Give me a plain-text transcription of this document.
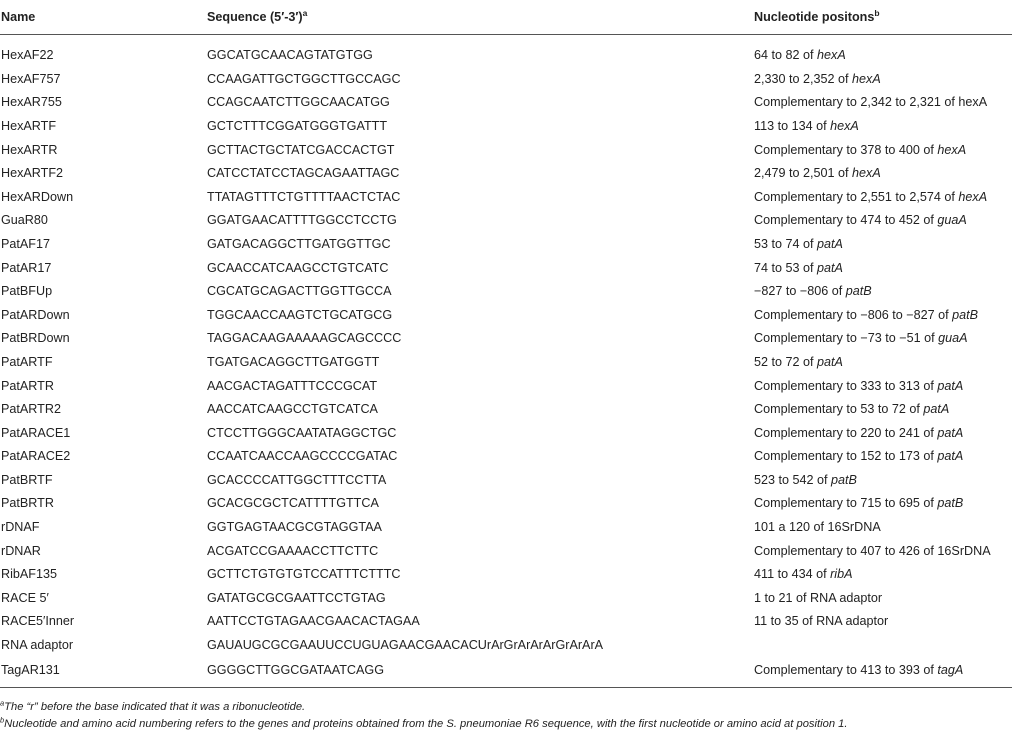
Name	Sequence $(5'-3')^a$	Nucleotide positons$^b$
HexAF22	GGCATGCAACAGTATGTGG	64 to 82 of hexA
HexAF757	CCAAGATTGCTGGCTTGCCAGC	2,330 to 2,352 of hexA
HexAR755	CCAGCAATCTTGGCAACATGG	Complementary to 2,342 to 2,321 of hexA
HexARTF	GCTCTTTCGGATGGGTGATTT	113 to 134 of hexA
HexARTR	GCTTACTGCTATCGACCACTGT	Complementary to 378 to 400 of hexA
HexARTF2	CATCCTATCCTAGCAGAATTAGC	2,479 to 2,501 of hexA
HexARDown	TTATAGTTTCTGTTTTAACTCTAC	Complementary to 2,551 to 2,574 of hexA
GuaR80	GGATGAACATTTTGGCCTCCTG	Complementary to 474 to 452 of guaA
PatAF17	GATGACAGGCTTGATGGTTGC	53 to 74 of patA
PatAR17	GCAACCATCAAGCCTGTCATC	74 to 53 of patA
PatBFUp	CGCATGCAGACTTGGTTGCCA	−827 to −806 of patB
PatARDown	TGGCAACCAAGTCTGCATGCG	Complementary to −806 to −827 of patB
PatBRDown	TAGGACAAGAAAAAGCAGCCCC	Complementary to −73 to −51 of guaA
PatARTF	TGATGACAGGCTTGATGGTT	52 to 72 of patA
PatARTR	AACGACTAGATTTCCCGCAT	Complementary to 333 to 313 of patA
PatARTR2	AACCATCAAGCCTGTCATCA	Complementary to 53 to 72 of patA
PatARACE1	CTCCTTGGGCAATATAGGCTGC	Complementary to 220 to 241 of patA
PatARACE2	CCAATCAACCAAGCCCCGATAC	Complementary to 152 to 173 of patA
PatBRTF	GCACCCCATTGGCTTTCCTTA	523 to 542 of patB
PatBRTR	GCACGCGCTCATTTTGTTCA	Complementary to 715 to 695 of patB
rDNAF	GGTGAGTAACGCGTAGGTAA	101 a 120 of 16SrDNA
rDNAR	ACGATCCGAAAACCTTCTTC	Complementary to 407 to 426 of 16SrDNA
RibAF135	GCTTCTGTGTGTCCATTTCTTTC	411 to 434 of ribA
RACE 5′	GATATGCGCGAATTCCTGTAG	1 to 21 of RNA adaptor
RACE5′Inner	AATTCCTGTAGAACGAACACTAGAA	11 to 35 of RNA adaptor
RNA adaptor	GAUAUGCGCGAAUUCCUGUAGAACGAACACUrArGrArArArGrArArA	
TagAR131	GGGGCTTGGCGATAATCAGG	Complementary to 413 to 393 of tagA
$^a$The “r” before the base indicated that it was a ribonucleotide.
$^b$Nucleotide and amino acid numbering refers to the genes and proteins obtained from the S. pneumoniae R6 sequence, with the first nucleotide or amino acid at position 1.
